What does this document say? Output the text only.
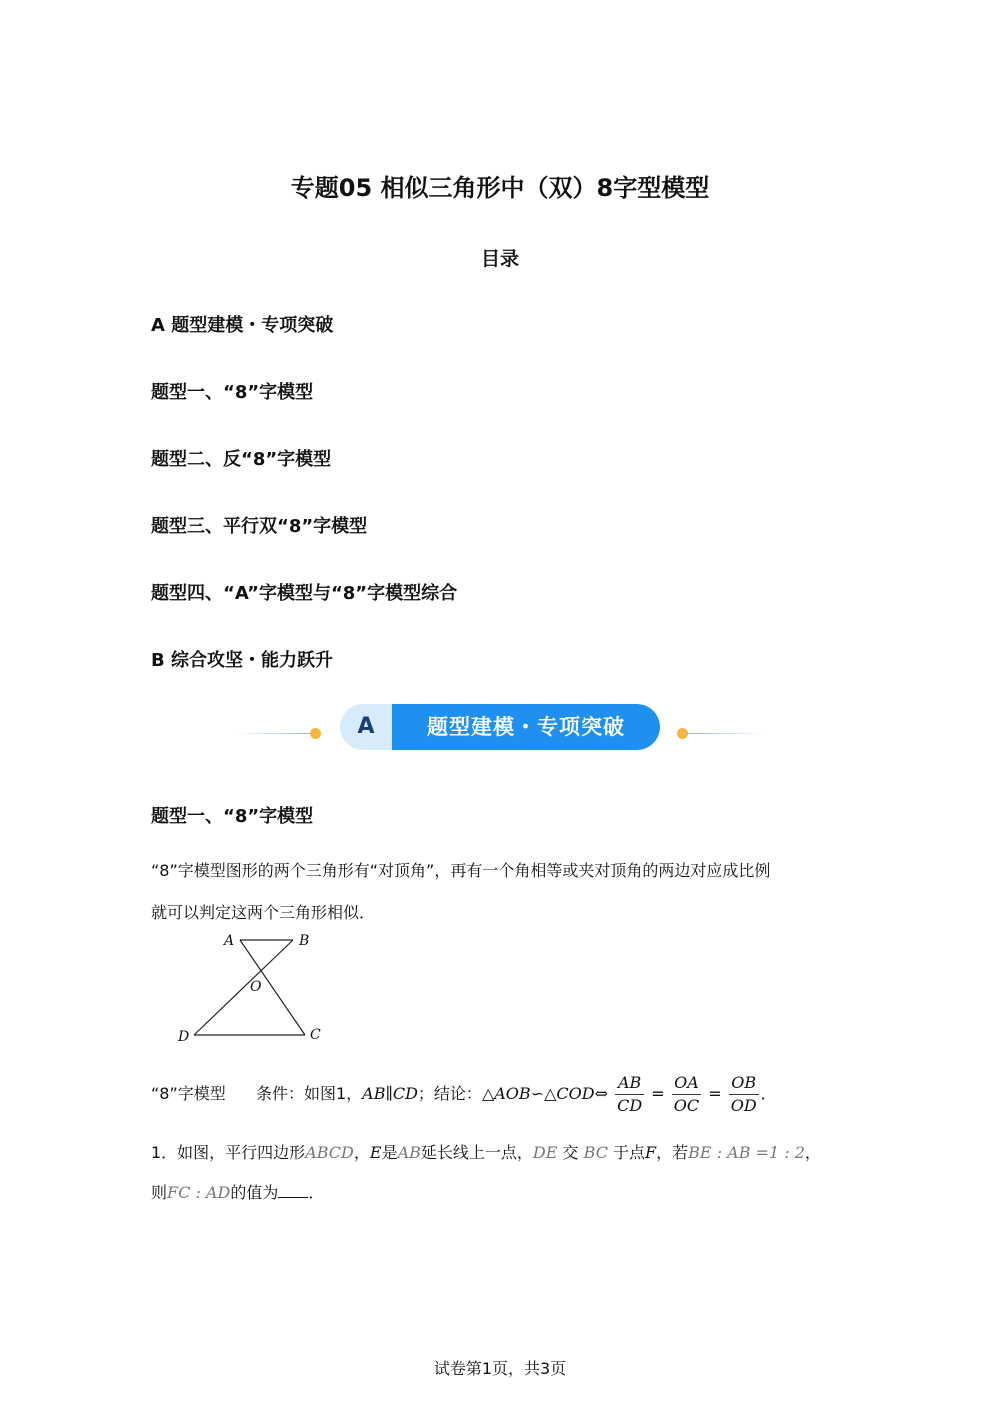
专题05 相似三角形中（双）8字型模型
目录
A 题型建模・专项突破
题型一、“8”字模型
题型二、反“8”字模型
题型三、平行双“8”字模型
题型四、“A”字模型与“8”字模型综合
B 综合攻坚・能力跃升
A	题型建模・专项突破
题型一、“8”字模型
“8”字模型图形的两个三角形有“对顶角”，再有一个角相等或夹对顶角的两边对应成比例
就可以判定这两个三角形相似．
A	B
O
D	C
“8”字模型 条件：如图1，AB∥CD；结论：△AOB∽△COD⇔ $\frac{AB}{CD} = \frac{OA}{OC} = \frac{OB}{OD}$ ．
1．如图，平行四边形ABCD，E是AB延长线上一点，DE 交 BC 于点F，若BE : AB =1 : 2，
则FC : AD的值为 ．
试卷第1页，共3页
